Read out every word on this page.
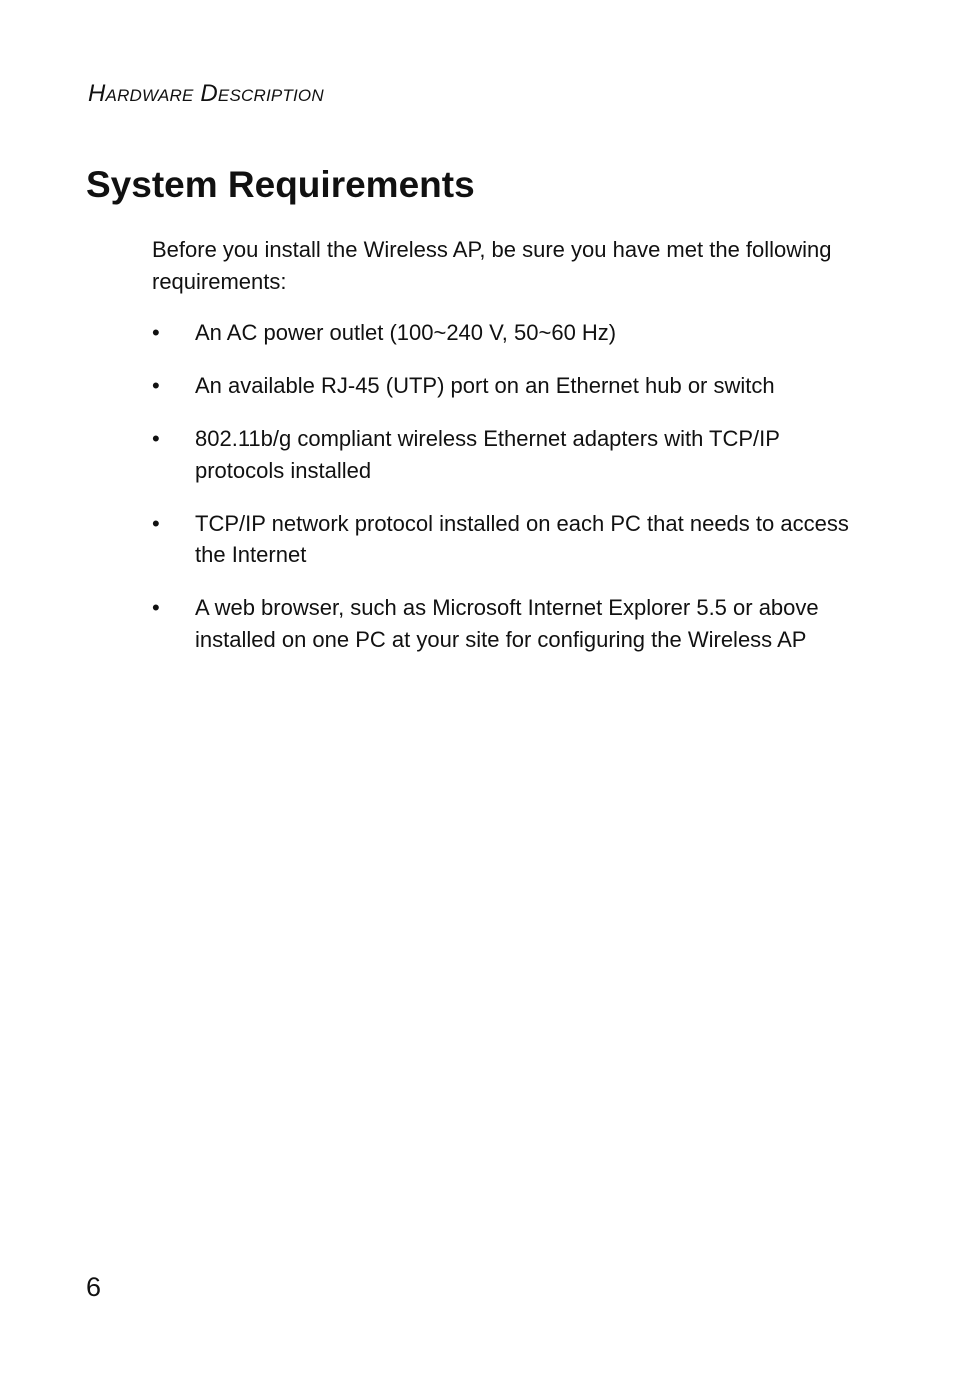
Hardware Description
System Requirements

Before you install the Wireless AP, be sure you have met the following requirements:

• An AC power outlet (100~240 V, 50~60 Hz)
• An available RJ-45 (UTP) port on an Ethernet hub or switch
• 802.11b/g compliant wireless Ethernet adapters with TCP/IP protocols installed
• TCP/IP network protocol installed on each PC that needs to access the Internet
• A web browser, such as Microsoft Internet Explorer 5.5 or above installed on one PC at your site for configuring the Wireless AP
6
